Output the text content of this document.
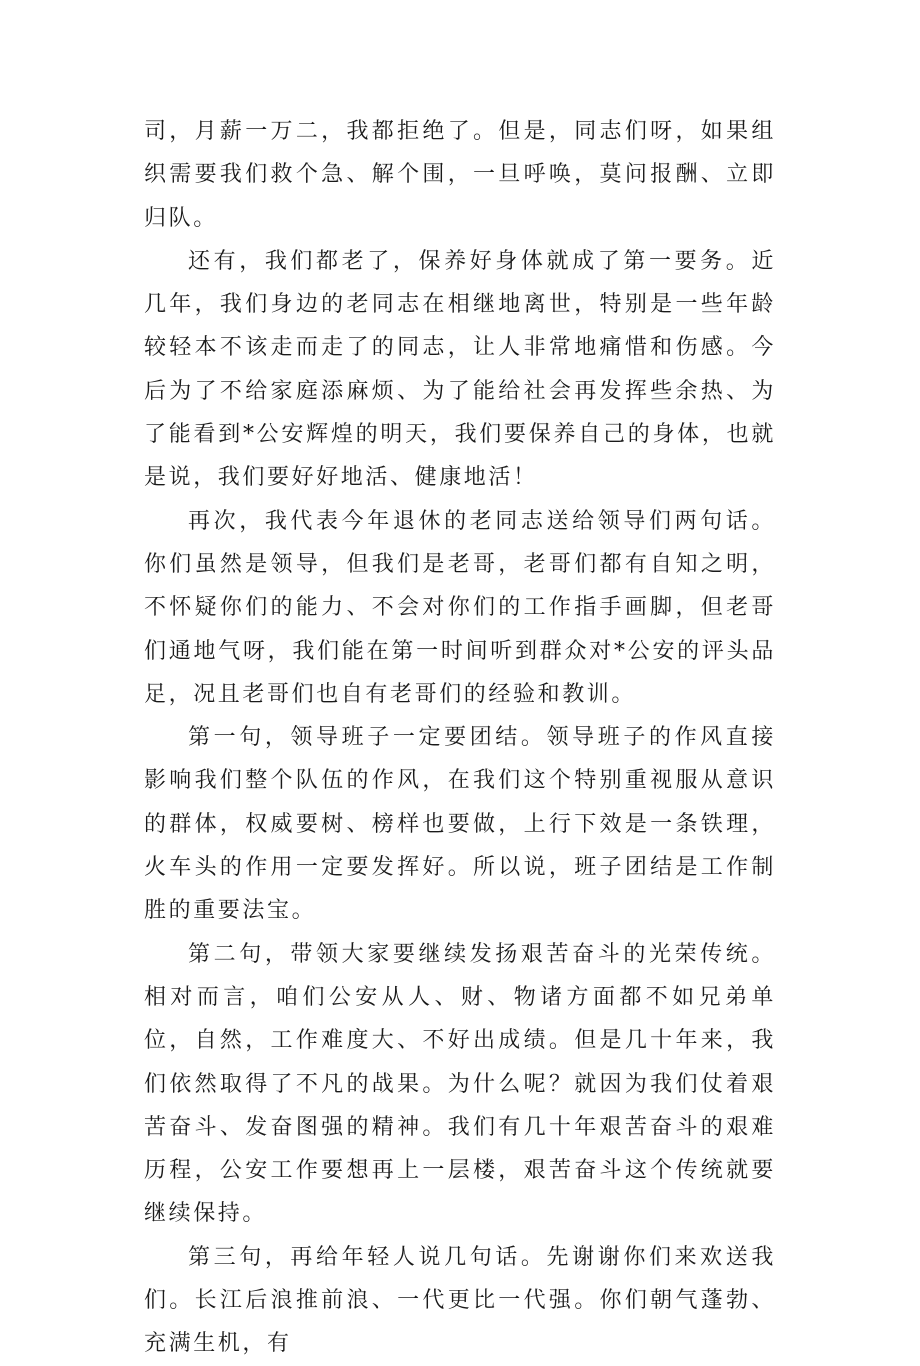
司，月薪一万二，我都拒绝了。但是，同志们呀，如果组织需要我们救个急、解个围，一旦呼唤，莫问报酬、立即归队。

还有，我们都老了，保养好身体就成了第一要务。近几年，我们身边的老同志在相继地离世，特别是一些年龄较轻本不该走而走了的同志，让人非常地痛惜和伤感。今后为了不给家庭添麻烦、为了能给社会再发挥些余热、为了能看到*公安辉煌的明天，我们要保养自己的身体，也就是说，我们要好好地活、健康地活！

再次，我代表今年退休的老同志送给领导们两句话。你们虽然是领导，但我们是老哥，老哥们都有自知之明，不怀疑你们的能力、不会对你们的工作指手画脚，但老哥们通地气呀，我们能在第一时间听到群众对*公安的评头品足，况且老哥们也自有老哥们的经验和教训。

第一句，领导班子一定要团结。领导班子的作风直接影响我们整个队伍的作风，在我们这个特别重视服从意识的群体，权威要树、榜样也要做，上行下效是一条铁理，火车头的作用一定要发挥好。所以说，班子团结是工作制胜的重要法宝。

第二句，带领大家要继续发扬艰苦奋斗的光荣传统。相对而言，咱们公安从人、财、物诸方面都不如兄弟单位，自然，工作难度大、不好出成绩。但是几十年来，我们依然取得了不凡的战果。为什么呢？就因为我们仗着艰苦奋斗、发奋图强的精神。我们有几十年艰苦奋斗的艰难历程，公安工作要想再上一层楼，艰苦奋斗这个传统就要继续保持。

第三句，再给年轻人说几句话。先谢谢你们来欢送我们。长江后浪推前浪、一代更比一代强。你们朝气蓬勃、充满生机，有
